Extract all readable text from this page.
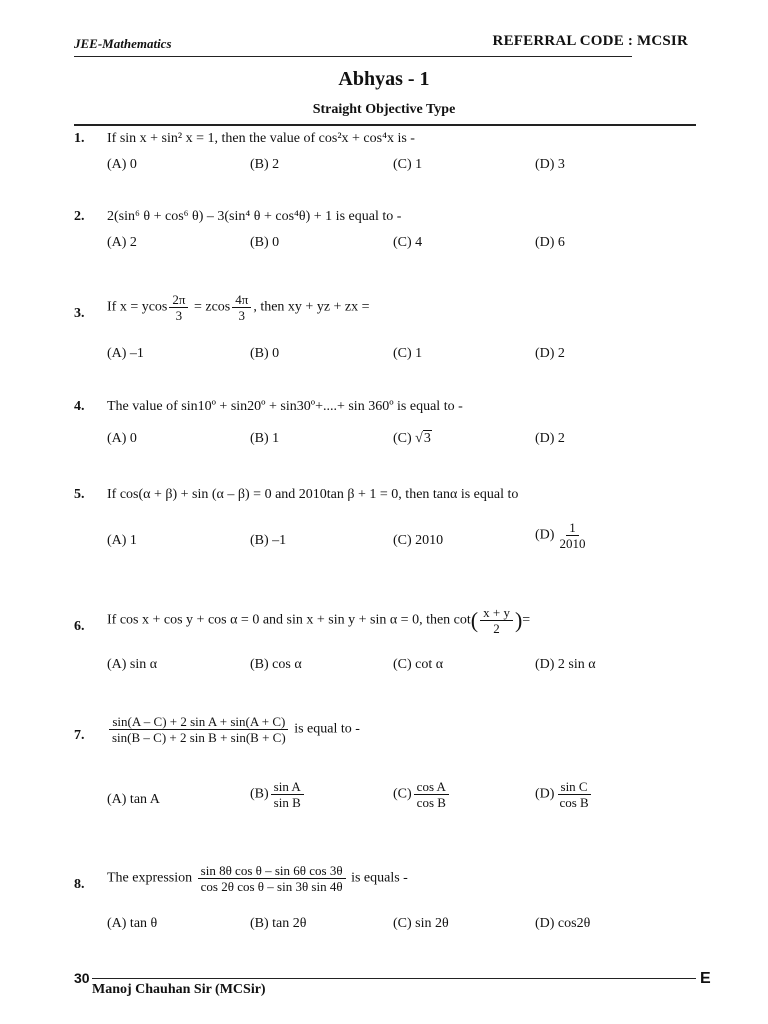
JEE-Mathematics	REFERRAL CODE : MCSIR
Abhyas - 1
Straight Objective Type
1. If sin x + sin² x = 1, then the value of cos²x + cos⁴x is -
(A) 0	(B) 2	(C) 1	(D) 3
2. 2(sin⁶ θ + cos⁶ θ) – 3(sin⁴ θ + cos⁴θ) + 1 is equal to -
(A) 2	(B) 0	(C) 4	(D) 6
3. If x = ycos $\frac{2\pi}{3} = zcos \frac{4\pi}{3}$ , then xy + yz + zx =
(A) –1	(B) 0	(C) 1	(D) 2
4. The value of sin10º + sin20º + sin30º+....+ sin 360º is equal to -
(A) 0	(B) 1	(C) √3	(D) 2
5. If cos(α + β) + sin (α – β) = 0 and 2010tan β + 1 = 0, then tanα is equal to
(A) 1	(B) –1	(C) 2010	$(D) \frac{1}{2010}$
6. If cos x + cos y + cos α = 0 and sin x + sin y + sin α = 0, then $\cot( \frac{x + y}{2}$ )=
(A) sin α	(B) cos α	(C) cot α	(D) 2 sin α
7. $\frac{\text{sin(A – C) + 2 sin A + sin(A + C)}}{\text{sin(B – C) + 2 sin B + sin(B + C)}}$ is equal to -
(A) tan A	$(B) \frac{\text{sin A}}{\text{sin B}}$	$(C) \frac{\text{cos A}}{\text{cos B}}$	$(D) \frac{\text{sin C}}{\text{cos B}}$
8. The expression $\frac{\text{sin 8θ cos θ – sin 6θ cos 3θ}}{\text{cos 2θ cos θ – sin 3θ sin 4θ}}$ is equals -
(A) tan θ	(B) tan 2θ	(C) sin 2θ	(D) cos2θ
30
Manoj Chauhan Sir (MCSir)
E
